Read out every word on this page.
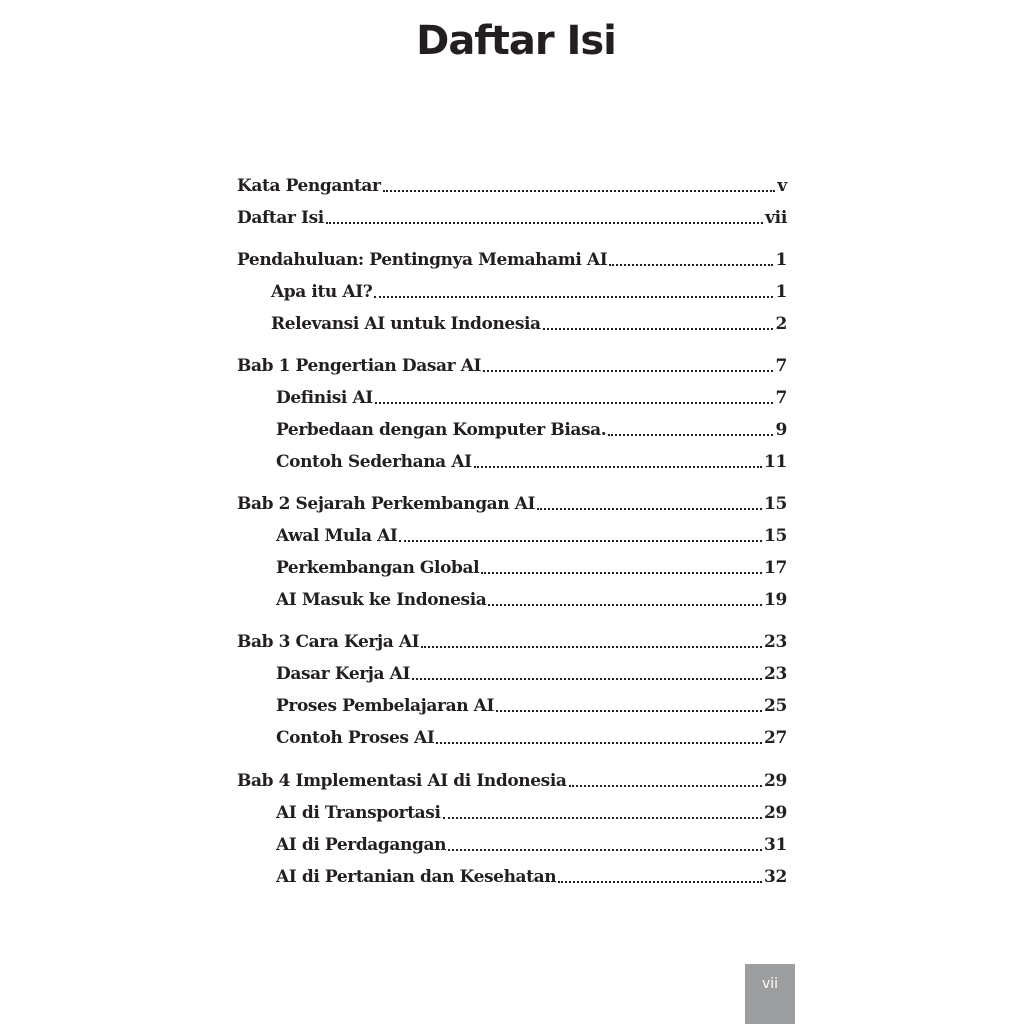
Daftar Isi
Kata Pengantar	v
Daftar Isi	vii
Pendahuluan: Pentingnya Memahami AI	1
Apa itu AI?	1
Relevansi AI untuk Indonesia	2
Bab 1 Pengertian Dasar AI	7
Definisi AI	7
Perbedaan dengan Komputer Biasa.	9
Contoh Sederhana AI	11
Bab 2 Sejarah Perkembangan AI	15
Awal Mula AI	15
Perkembangan Global	17
AI Masuk ke Indonesia	19
Bab 3 Cara Kerja AI	23
Dasar Kerja AI	23
Proses Pembelajaran AI	25
Contoh Proses AI	27
Bab 4 Implementasi AI di Indonesia	29
AI di Transportasi	29
AI di Perdagangan	31
AI di Pertanian dan Kesehatan	32
vii
